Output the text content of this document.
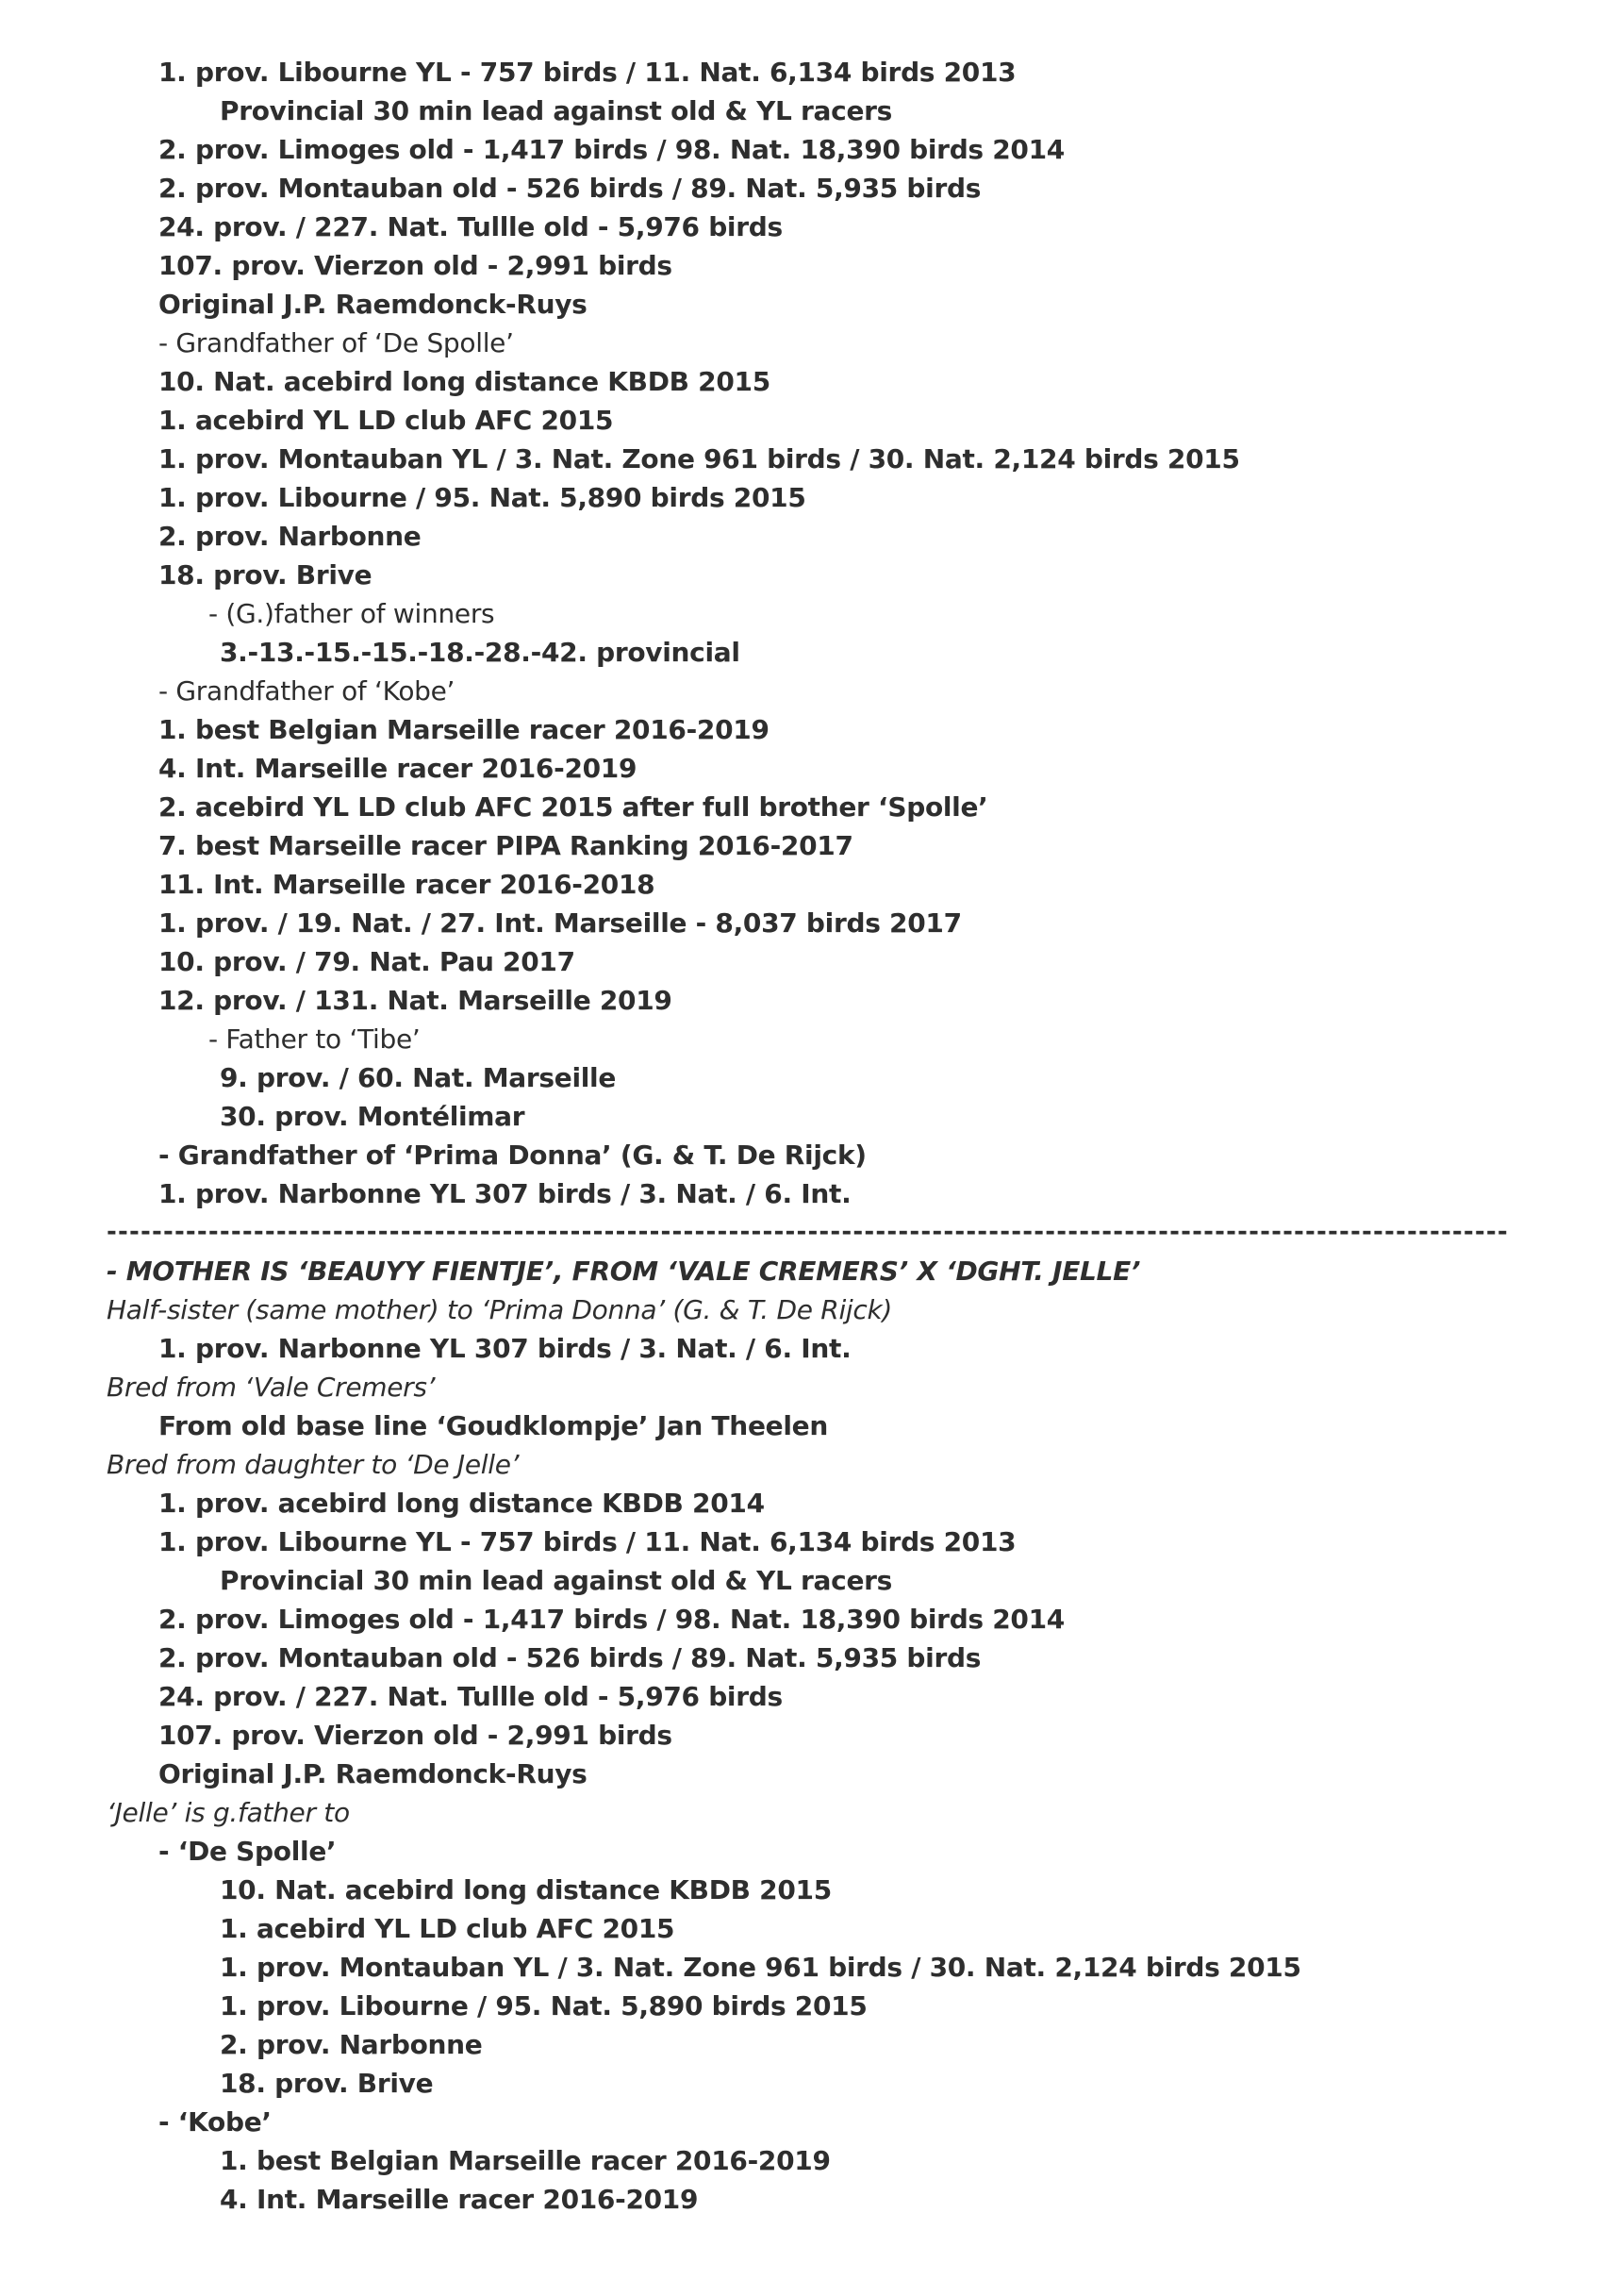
1. prov. Libourne YL - 757 birds / 11. Nat. 6,134 birds 2013
Provincial 30 min lead against old & YL racers
2. prov. Limoges old - 1,417 birds / 98. Nat. 18,390 birds 2014
2. prov. Montauban old - 526 birds / 89. Nat. 5,935 birds
24. prov. / 227. Nat. Tullle old - 5,976 birds
107. prov. Vierzon old - 2,991 birds
Original J.P. Raemdonck-Ruys
- Grandfather of ‘De Spolle’
10. Nat. acebird long distance KBDB 2015
1. acebird YL LD club AFC 2015
1. prov. Montauban YL / 3. Nat. Zone 961 birds / 30. Nat. 2,124 birds 2015
1. prov. Libourne / 95. Nat. 5,890 birds 2015
2. prov. Narbonne
18. prov. Brive
- (G.)father of winners
3.-13.-15.-15.-18.-28.-42. provincial
- Grandfather of ‘Kobe’
1. best Belgian Marseille racer 2016-2019
4. Int. Marseille racer 2016-2019
2. acebird YL LD club AFC 2015 after full brother ‘Spolle’
7. best Marseille racer PIPA Ranking 2016-2017
11. Int. Marseille racer 2016-2018
1. prov. / 19. Nat. / 27. Int. Marseille - 8,037 birds 2017
10. prov. / 79. Nat. Pau 2017
12. prov. / 131. Nat. Marseille 2019
- Father to ‘Tibe’
9. prov. / 60. Nat. Marseille
30. prov. Montélimar
- Grandfather of ‘Prima Donna’ (G. & T. De Rijck)
1. prov. Narbonne YL 307 birds / 3. Nat. / 6. Int.
----------------------------------------------------------------------------------------------------------------------------
- MOTHER IS ‘BEAUYY FIENTJE’, FROM ‘VALE CREMERS’ X ‘DGHT. JELLE’
Half-sister (same mother) to ‘Prima Donna’ (G. & T. De Rijck)
1. prov. Narbonne YL 307 birds / 3. Nat. / 6. Int.
Bred from ‘Vale Cremers’
From old base line ‘Goudklompje’ Jan Theelen
Bred from daughter to ‘De Jelle’
1. prov. acebird long distance KBDB 2014
1. prov. Libourne YL - 757 birds / 11. Nat. 6,134 birds 2013
Provincial 30 min lead against old & YL racers
2. prov. Limoges old - 1,417 birds / 98. Nat. 18,390 birds 2014
2. prov. Montauban old - 526 birds / 89. Nat. 5,935 birds
24. prov. / 227. Nat. Tullle old - 5,976 birds
107. prov. Vierzon old - 2,991 birds
Original J.P. Raemdonck-Ruys
‘Jelle’ is g.father to
- ‘De Spolle’
10. Nat. acebird long distance KBDB 2015
1. acebird YL LD club AFC 2015
1. prov. Montauban YL / 3. Nat. Zone 961 birds / 30. Nat. 2,124 birds 2015
1. prov. Libourne / 95. Nat. 5,890 birds 2015
2. prov. Narbonne
18. prov. Brive
- ‘Kobe’
1. best Belgian Marseille racer 2016-2019
4. Int. Marseille racer 2016-2019
